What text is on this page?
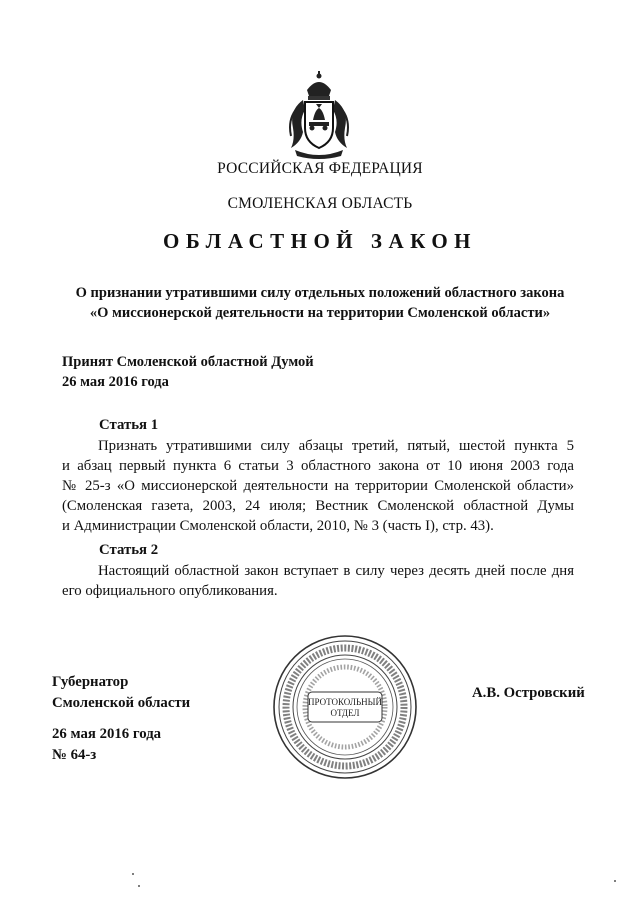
РОССИЙСКАЯ ФЕДЕРАЦИЯ
СМОЛЕНСКАЯ ОБЛАСТЬ
ОБЛАСТНОЙ ЗАКОН
О признании утратившими силу отдельных положений областного закона
«О миссионерской деятельности на территории Смоленской области»
Принят Смоленской областной Думой
26 мая 2016 года
Статья 1
Признать утратившими силу абзацы третий, пятый, шестой пункта 5
и абзац первый пункта 6 статьи 3 областного закона от 10 июня 2003 года
№ 25-з «О миссионерской деятельности на территории Смоленской области»
(Смоленская газета, 2003, 24 июля; Вестник Смоленской областной Думы
и Администрации Смоленской области, 2010, № 3 (часть I), стр. 43).
Статья 2
Настоящий областной закон вступает в силу через десять дней после дня
его официального опубликования.
Губернатор
Смоленской области
А.В. Островский
26 мая 2016 года
№ 64-з
ПРОТОКОЛЬНЫЙ
ОТДЕЛ
